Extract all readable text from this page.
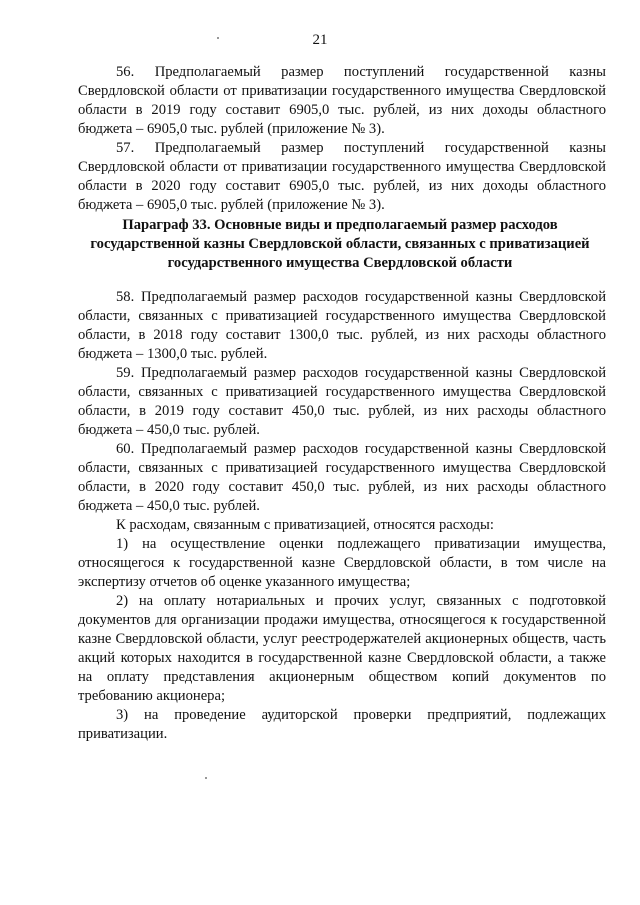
21

56. Предполагаемый размер поступлений государственной казны Свердловской области от приватизации государственного имущества Свердловской области в 2019 году составит 6905,0 тыс. рублей, из них доходы областного бюджета – 6905,0 тыс. рублей (приложение № 3).

57. Предполагаемый размер поступлений государственной казны Свердловской области от приватизации государственного имущества Свердловской области в 2020 году составит 6905,0 тыс. рублей, из них доходы областного бюджета – 6905,0 тыс. рублей (приложение № 3).

Параграф 33. Основные виды и предполагаемый размер расходов
государственной казны Свердловской области, связанных с приватизацией
государственного имущества Свердловской области

58. Предполагаемый размер расходов государственной казны Свердловской области, связанных с приватизацией государственного имущества Свердловской области, в 2018 году составит 1300,0 тыс. рублей, из них расходы областного бюджета – 1300,0 тыс. рублей.

59. Предполагаемый размер расходов государственной казны Свердловской области, связанных с приватизацией государственного имущества Свердловской области, в 2019 году составит 450,0 тыс. рублей, из них расходы областного бюджета – 450,0 тыс. рублей.

60. Предполагаемый размер расходов государственной казны Свердловской области, связанных с приватизацией государственного имущества Свердловской области, в 2020 году составит 450,0 тыс. рублей, из них расходы областного бюджета – 450,0 тыс. рублей.

К расходам, связанным с приватизацией, относятся расходы:

1) на осуществление оценки подлежащего приватизации имущества, относящегося к государственной казне Свердловской области, в том числе на экспертизу отчетов об оценке указанного имущества;

2) на оплату нотариальных и прочих услуг, связанных с подготовкой документов для организации продажи имущества, относящегося к государственной казне Свердловской области, услуг реестродержателей акционерных обществ, часть акций которых находится в государственной казне Свердловской области, а также на оплату представления акционерным обществом копий документов по требованию акционера;

3) на проведение аудиторской проверки предприятий, подлежащих приватизации.
